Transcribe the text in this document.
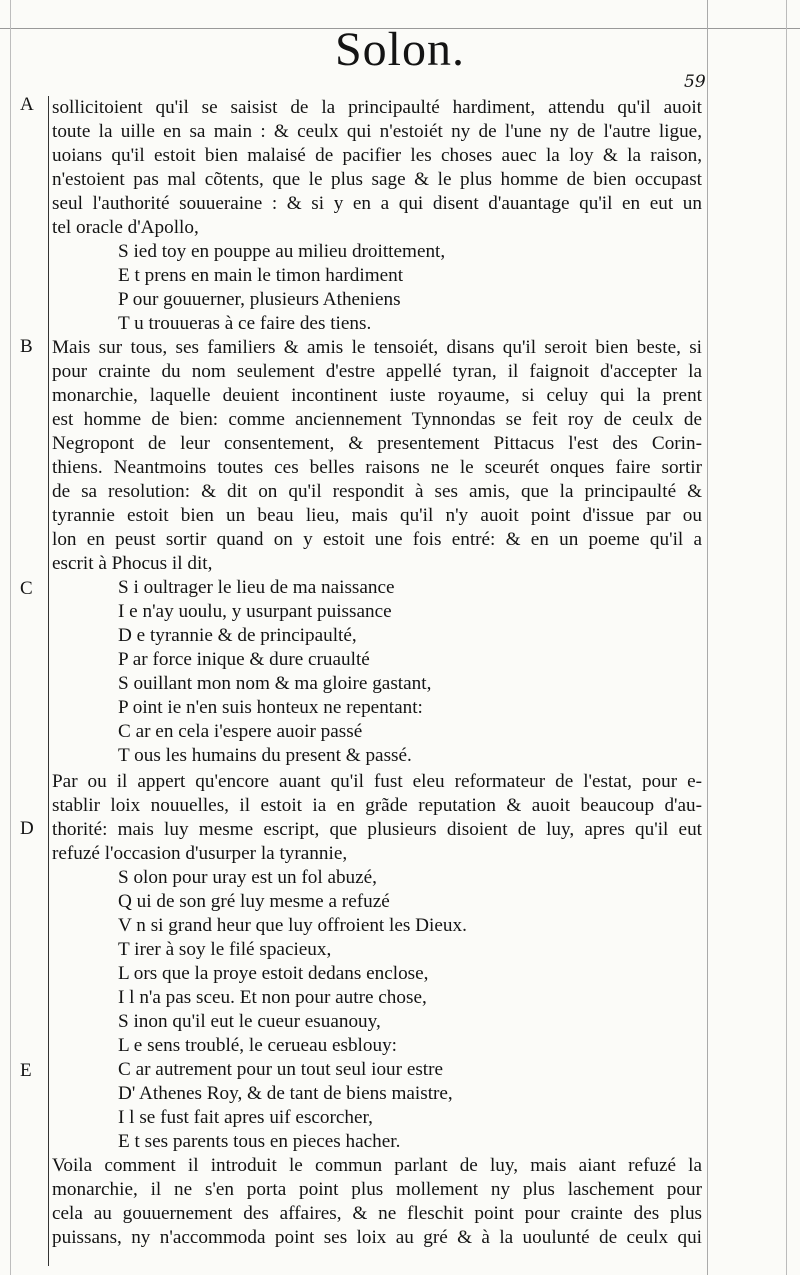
Solon.
59
A
B
C
D
E
sollicitoient qu'il se saisist de la principaulté hardiment, attendu qu'il auoit
toute la uille en sa main : & ceulx qui n'estoiét ny de l'une ny de l'autre ligue,
uoians qu'il estoit bien malaisé de pacifier les choses auec la loy & la raison,
n'estoient pas mal cõtents, que le plus sage & le plus homme de bien occupast
seul l'authorité souueraine : & si y en a qui disent d'auantage qu'il en eut un
tel oracle d'Apollo,
S ied toy en pouppe au milieu droittement,
E t prens en main le timon hardiment
P our gouuerner, plusieurs Atheniens
T u trouueras à ce faire des tiens.
Mais sur tous, ses familiers & amis le tensoiét, disans qu'il seroit bien beste, si
pour crainte du nom seulement d'estre appellé tyran, il faignoit d'accepter la
monarchie, laquelle deuient incontinent iuste royaume, si celuy qui la prent
est homme de bien: comme anciennement Tynnondas se feit roy de ceulx de
Negropont de leur consentement, & presentement Pittacus l'est des Corin-
thiens. Neantmoins toutes ces belles raisons ne le sceurét onques faire sortir
de sa resolution: & dit on qu'il respondit à ses amis, que la principaulté &
tyrannie estoit bien un beau lieu, mais qu'il n'y auoit point d'issue par ou
lon en peust sortir quand on y estoit une fois entré: & en un poeme qu'il a
escrit à Phocus il dit,
S i oultrager le lieu de ma naissance
I e n'ay uoulu, y usurpant puissance
D e tyrannie & de principaulté,
P ar force inique & dure cruaulté
S ouillant mon nom & ma gloire gastant,
P oint ie n'en suis honteux ne repentant:
C ar en cela i'espere auoir passé
T ous les humains du present & passé.
Par ou il appert qu'encore auant qu'il fust eleu reformateur de l'estat, pour e-
stablir loix nouuelles, il estoit ia en grãde reputation & auoit beaucoup d'au-
thorité: mais luy mesme escript, que plusieurs disoient de luy, apres qu'il eut
refuzé l'occasion d'usurper la tyrannie,
S olon pour uray est un fol abuzé,
Q ui de son gré luy mesme a refuzé
V n si grand heur que luy offroient les Dieux.
T irer à soy le filé spacieux,
L ors que la proye estoit dedans enclose,
I l n'a pas sceu. Et non pour autre chose,
S inon qu'il eut le cueur esuanouy,
L e sens troublé, le cerueau esblouy:
C ar autrement pour un tout seul iour estre
D' Athenes Roy, & de tant de biens maistre,
I l se fust fait apres uif escorcher,
E t ses parents tous en pieces hacher.
Voila comment il introduit le commun parlant de luy, mais aiant refuzé la
monarchie, il ne s'en porta point plus mollement ny plus laschement pour
cela au gouuernement des affaires, & ne fleschit point pour crainte des plus
puissans, ny n'accommoda point ses loix au gré & à la uoulunté de ceulx qui
